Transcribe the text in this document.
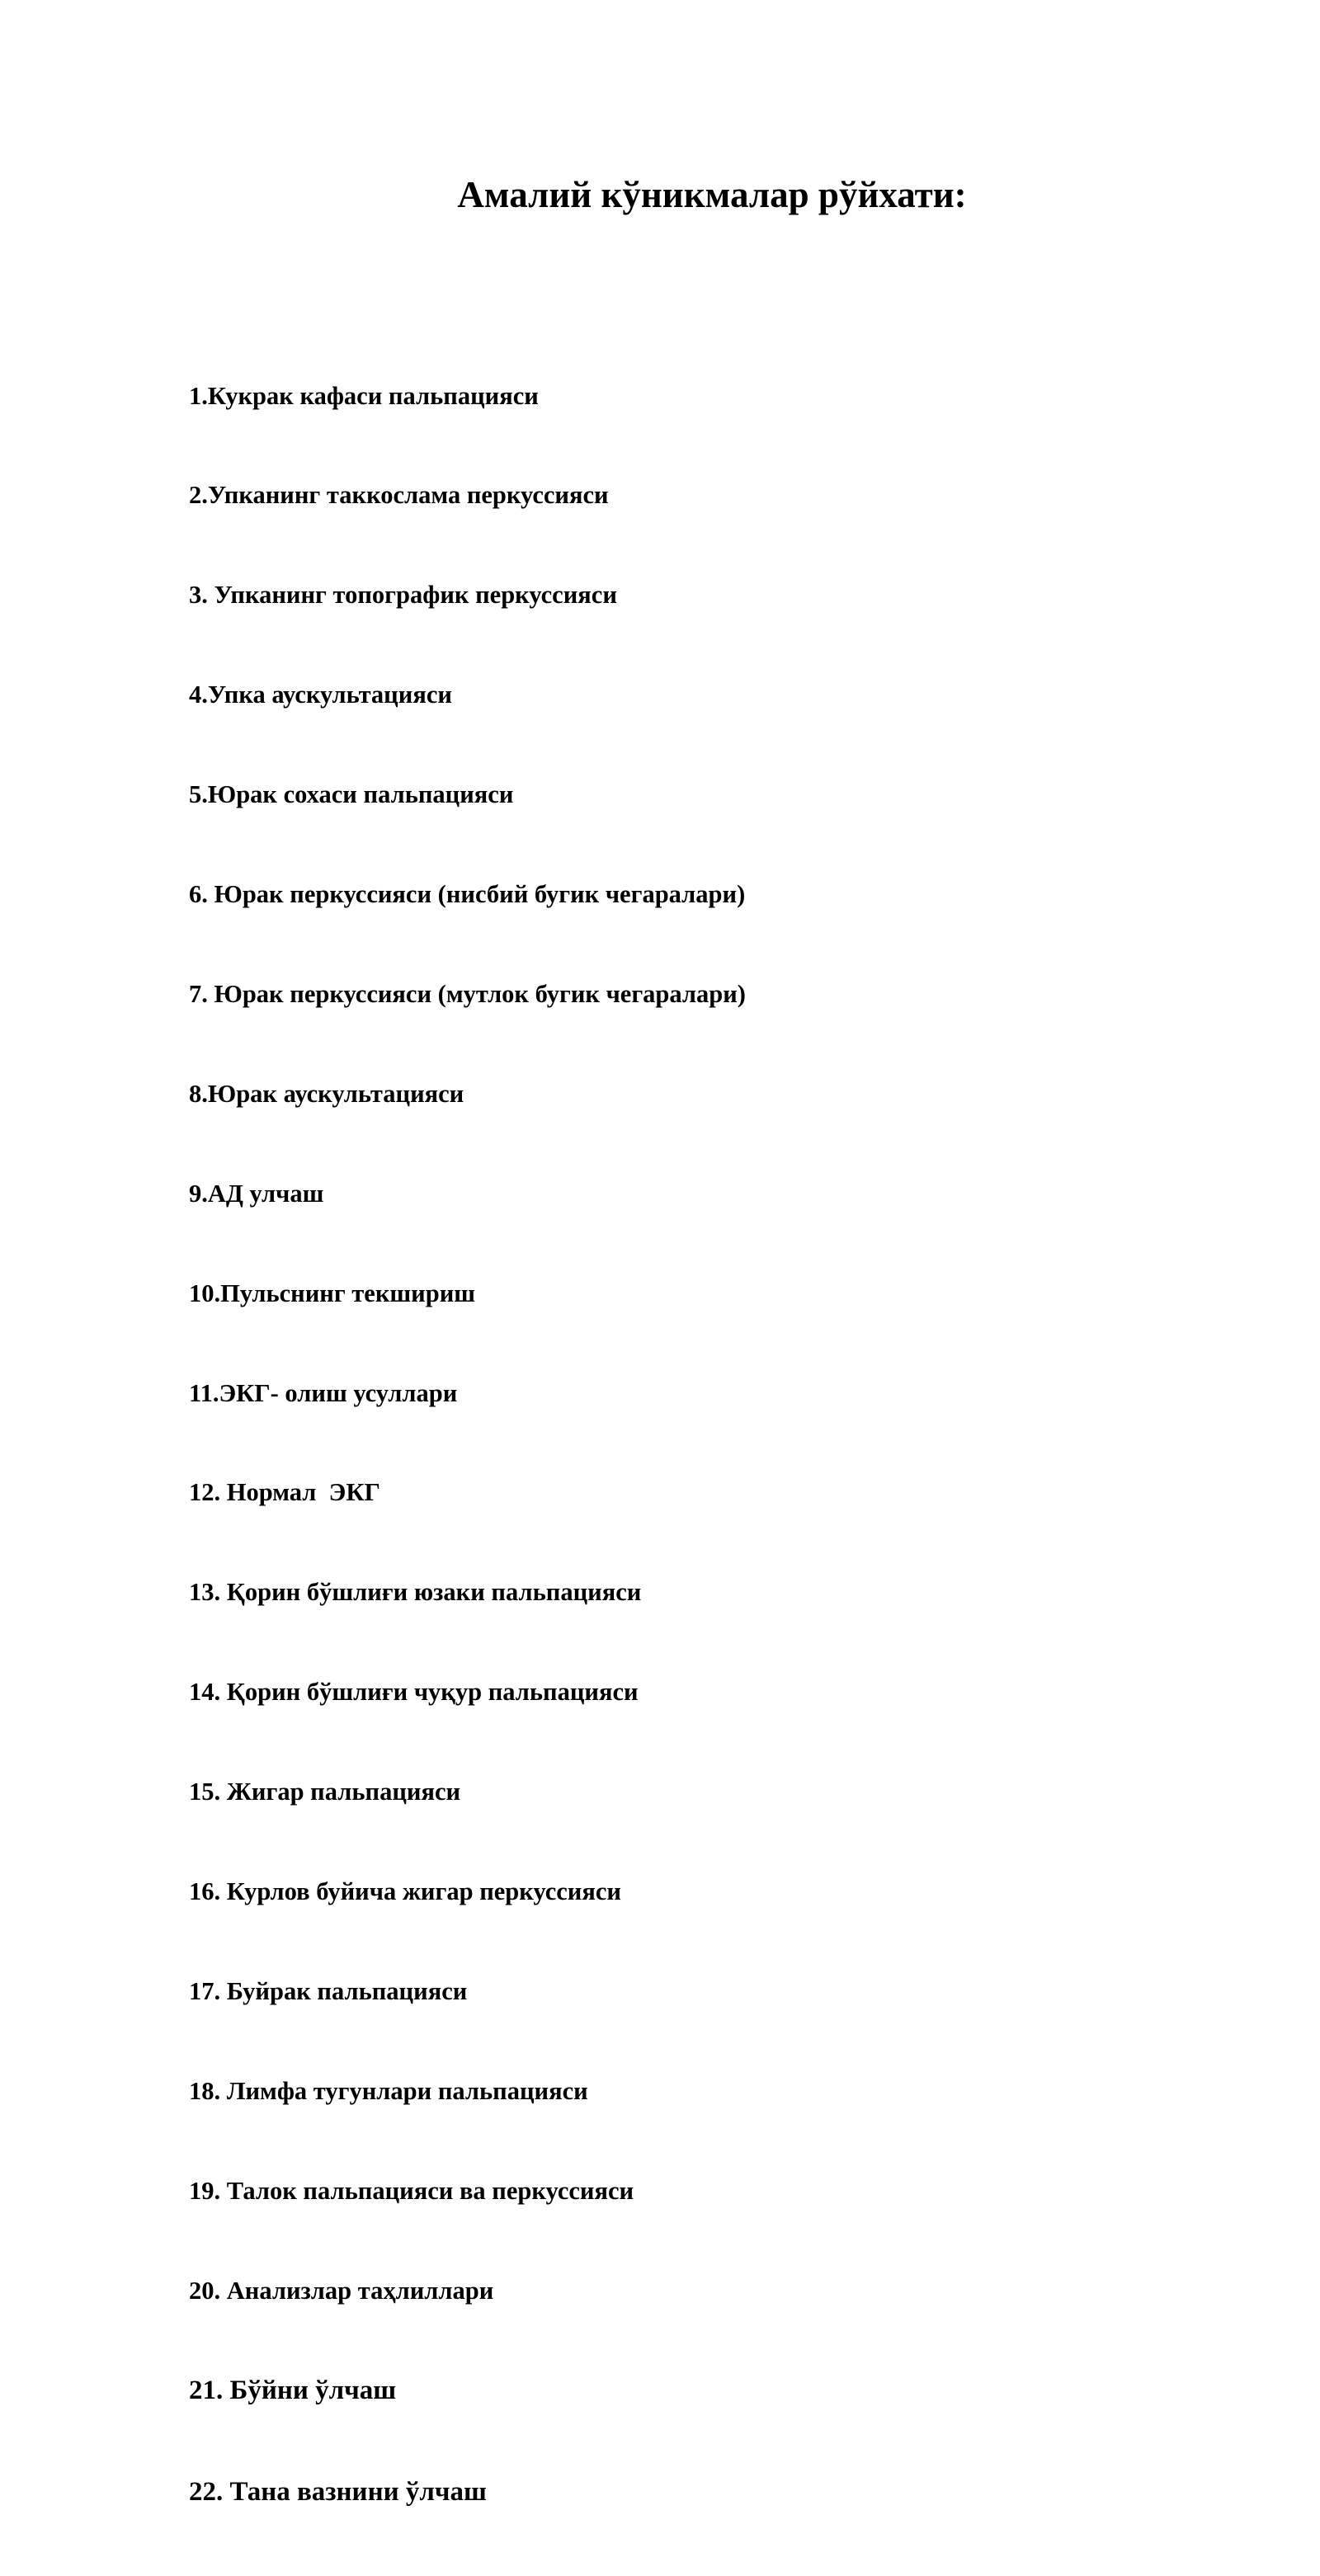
Амалий кўникмалар рўйхати:

1.Кукрак кафаси пальпацияси

2.Упканинг таккослама перкуссияси

3. Упканинг топографик перкуссияси

4.Упка аускультацияси

5.Юрак сохаси пальпацияси

6. Юрак перкуссияси (нисбий бугик чегаралари)

7. Юрак перкуссияси (мутлок бугик чегаралари)

8.Юрак аускультацияси

9.АД улчаш

10.Пульснинг текшириш

11.ЭКГ- олиш усуллари

12. Нормал  ЭКГ

13. Қорин бўшлиғи юзаки пальпацияси

14. Қорин бўшлиғи чуқур пальпацияси

15. Жигар пальпацияси

16. Курлов буйича жигар перкуссияси

17. Буйрак пальпацияси

18. Лимфа тугунлари пальпацияси

19. Талок пальпацияси ва перкуссияси

20. Анализлар таҳлиллари

21. Бўйни ўлчаш

22. Тана вазнини ўлчаш
